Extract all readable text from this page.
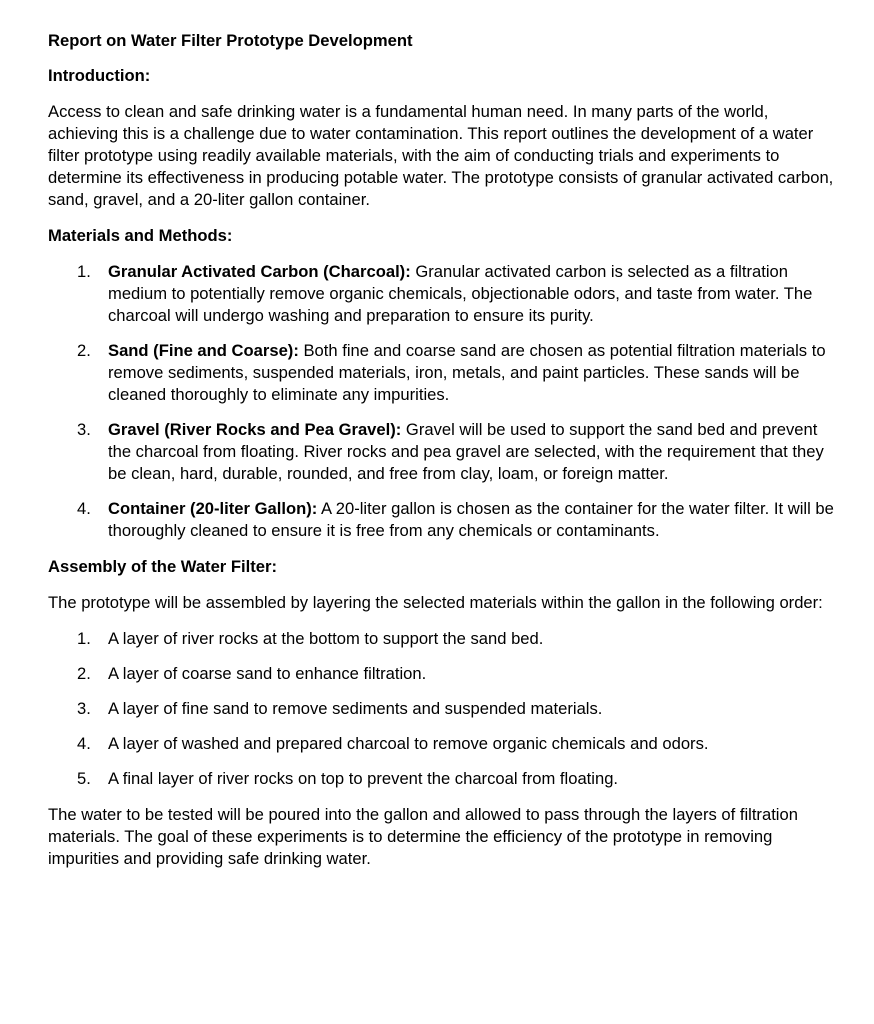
Report on Water Filter Prototype Development
Introduction:
Access to clean and safe drinking water is a fundamental human need. In many parts of the world, achieving this is a challenge due to water contamination. This report outlines the development of a water filter prototype using readily available materials, with the aim of conducting trials and experiments to determine its effectiveness in producing potable water. The prototype consists of granular activated carbon, sand, gravel, and a 20-liter gallon container.
Materials and Methods:
1. Granular Activated Carbon (Charcoal): Granular activated carbon is selected as a filtration medium to potentially remove organic chemicals, objectionable odors, and taste from water. The charcoal will undergo washing and preparation to ensure its purity.
2. Sand (Fine and Coarse): Both fine and coarse sand are chosen as potential filtration materials to remove sediments, suspended materials, iron, metals, and paint particles. These sands will be cleaned thoroughly to eliminate any impurities.
3. Gravel (River Rocks and Pea Gravel): Gravel will be used to support the sand bed and prevent the charcoal from floating. River rocks and pea gravel are selected, with the requirement that they be clean, hard, durable, rounded, and free from clay, loam, or foreign matter.
4. Container (20-liter Gallon): A 20-liter gallon is chosen as the container for the water filter. It will be thoroughly cleaned to ensure it is free from any chemicals or contaminants.
Assembly of the Water Filter:
The prototype will be assembled by layering the selected materials within the gallon in the following order:
1. A layer of river rocks at the bottom to support the sand bed.
2. A layer of coarse sand to enhance filtration.
3. A layer of fine sand to remove sediments and suspended materials.
4. A layer of washed and prepared charcoal to remove organic chemicals and odors.
5. A final layer of river rocks on top to prevent the charcoal from floating.
The water to be tested will be poured into the gallon and allowed to pass through the layers of filtration materials. The goal of these experiments is to determine the efficiency of the prototype in removing impurities and providing safe drinking water.
